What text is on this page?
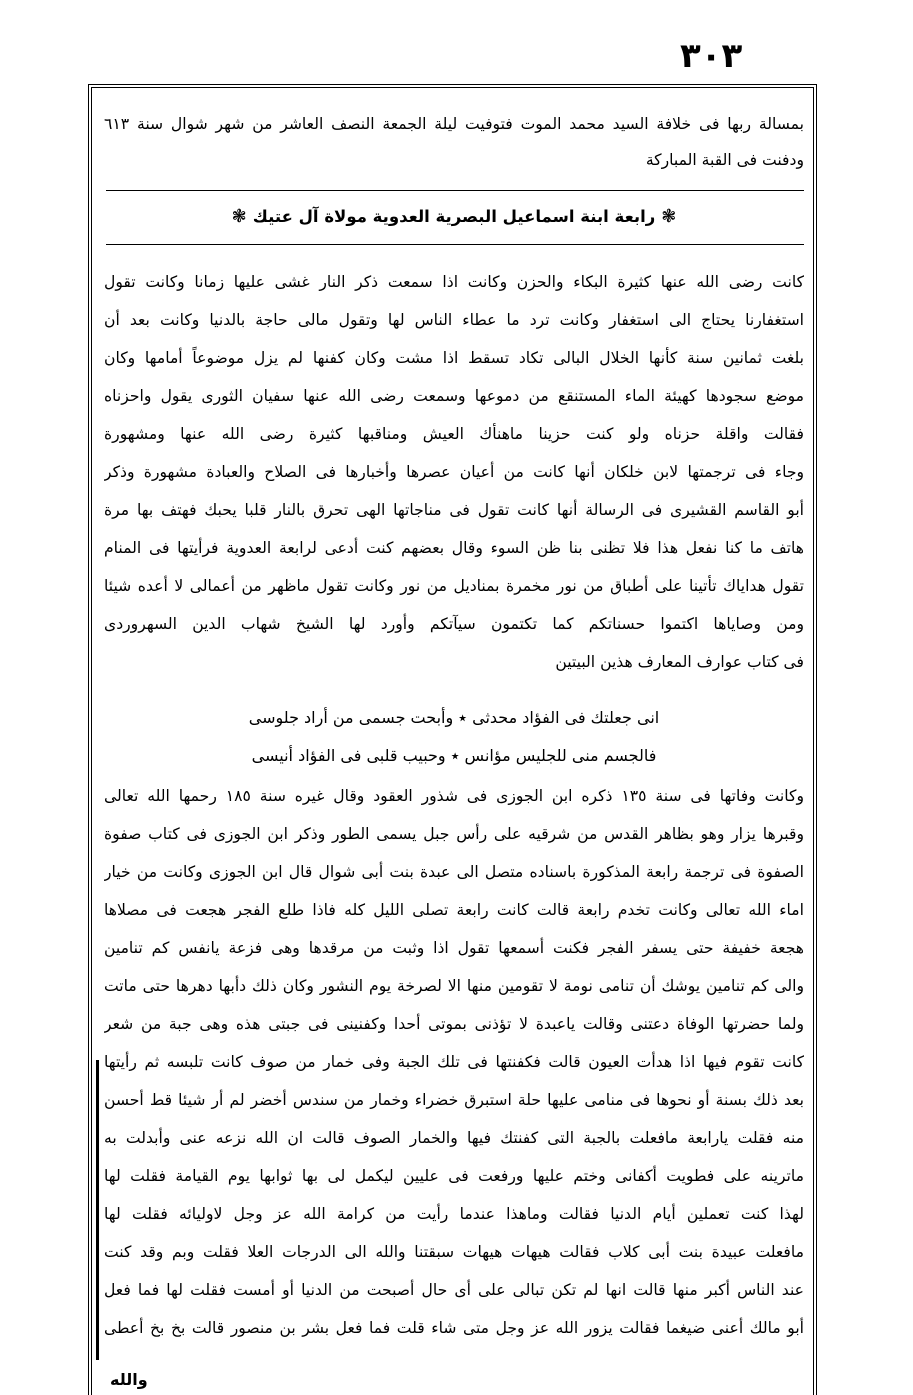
٣٠٣
بمسالة ربها فى خلافة السيد محمد الموت فتوفيت ليلة الجمعة النصف العاشر من شهر شوال سنة ٦١٣
ودفنت فى القبة المباركة
❃رابعة ابنة اسماعيل البصرية العدوية مولاة آل عتيك❃
كانت رضى الله عنها كثيرة البكاء والحزن وكانت اذا سمعت ذكر النار غشى عليها زمانا وكانت تقول
استغفارنا يحتاج الى استغفار وكانت ترد ما عطاء الناس لها وتقول مالى حاجة بالدنيا وكانت بعد أن
بلغت ثمانين سنة كأنها الخلال البالى تكاد تسقط اذا مشت وكان كفنها لم يزل موضوعاً أمامها وكان
موضع سجودها كهيئة الماء المستنقع من دموعها وسمعت رضى الله عنها سفيان الثورى يقول واحزناه
فقالت واقلة حزناه ولو كنت حزينا ماهنأك العيش ومناقبها كثيرة رضى الله عنها ومشهورة
وجاء فى ترجمتها لابن خلكان أنها كانت من أعيان عصرها وأخبارها فى الصلاح والعبادة مشهورة وذكر
أبو القاسم القشيرى فى الرسالة أنها كانت تقول فى مناجاتها الهى تحرق بالنار قلبا يحبك فهتف بها مرة
هاتف ما كنا نفعل هذا فلا تظنى بنا ظن السوء وقال بعضهم كنت أدعى لرابعة العدوية فرأيتها فى المنام
تقول هداياك تأتينا على أطباق من نور مخمرة بمناديل من نور وكانت تقول ماظهر من أعمالى لا أعده شيئا
ومن وصاياها اكتموا حسناتكم كما تكتمون سيآتكم وأورد لها الشيخ شهاب الدين السهروردى
فى كتاب عوارف المعارف هذين البيتين
انى جعلتك فى الفؤاد محدثى ٭ وأبحت جسمى من أراد جلوسى
فالجسم منى للجليس مؤانس ٭ وحبيب قلبى فى الفؤاد أنيسى
وكانت وفاتها فى سنة ١٣٥ ذكره ابن الجوزى فى شذور العقود وقال غيره سنة ١٨٥ رحمها الله تعالى
وقبرها يزار وهو بظاهر القدس من شرقيه على رأس جبل يسمى الطور وذكر ابن الجوزى فى كتاب صفوة
الصفوة فى ترجمة رابعة المذكورة باسناده متصل الى عبدة بنت أبى شوال قال ابن الجوزى وكانت من خيار
اماء الله تعالى وكانت تخدم رابعة قالت كانت رابعة تصلى الليل كله فاذا طلع الفجر هجعت فى مصلاها
هجعة خفيفة حتى يسفر الفجر فكنت أسمعها تقول اذا وثبت من مرقدها وهى فزعة يانفس كم تنامين
والى كم تنامين يوشك أن تنامى نومة لا تقومين منها الا لصرخة يوم النشور وكان ذلك دأبها دهرها حتى ماتت
ولما حضرتها الوفاة دعتنى وقالت ياعبدة لا تؤذنى بموتى أحدا وكفنينى فى جبتى هذه وهى جبة من شعر
كانت تقوم فيها اذا هدأت العيون قالت فكفنتها فى تلك الجبة وفى خمار من صوف كانت تلبسه ثم رأيتها
بعد ذلك بسنة أو نحوها فى منامى عليها حلة استبرق خضراء وخمار من سندس أخضر لم أر شيئا قط أحسن
منه فقلت يارابعة مافعلت بالجبة التى كفنتك فيها والخمار الصوف قالت ان الله نزعه عنى وأبدلت به
ماترينه على فطويت أكفانى وختم عليها ورفعت فى عليين ليكمل لى بها ثوابها يوم القيامة فقلت لها
لهذا كنت تعملين أيام الدنيا فقالت وماهذا عندما رأيت من كرامة الله عز وجل لاوليائه فقلت لها
مافعلت عبيدة بنت أبى كلاب فقالت هيهات هيهات سبقتنا والله الى الدرجات العلا فقلت وبم وقد كنت
عند الناس أكبر منها قالت انها لم تكن تبالى على أى حال أصبحت من الدنيا أو أمست فقلت لها فما فعل
أبو مالك أعنى ضيغما فقالت يزور الله عز وجل متى شاء قلت فما فعل بشر بن منصور قالت بخ بخ أعطى
والله
